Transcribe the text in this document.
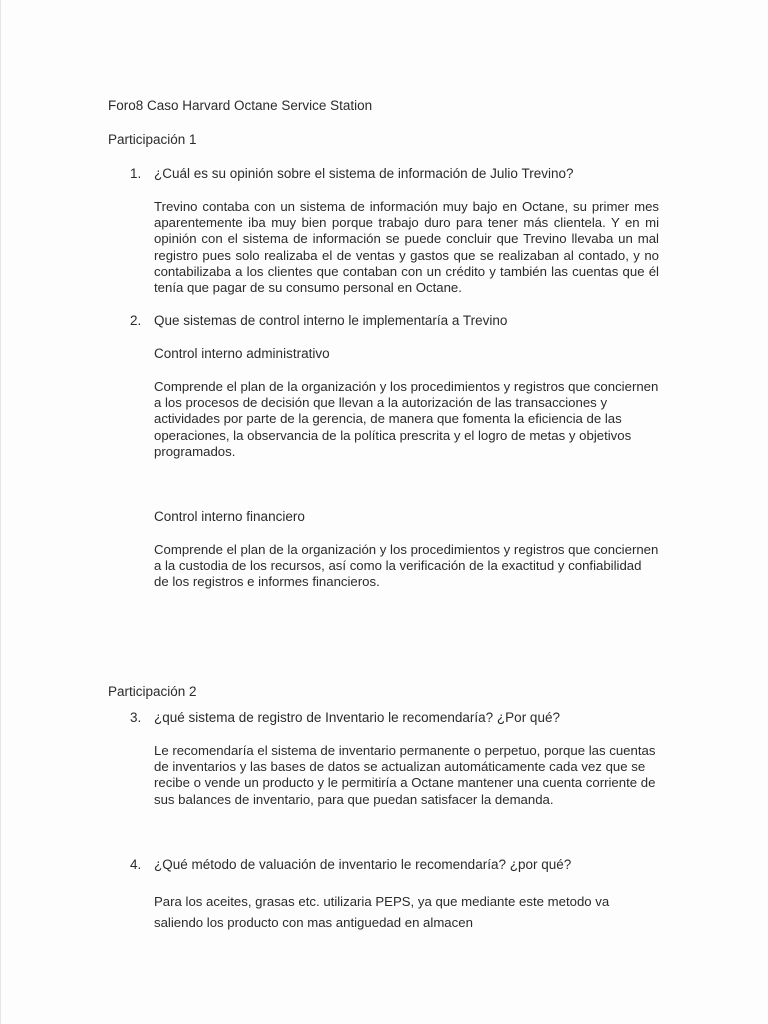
Foro8 Caso Harvard Octane Service Station

Participación 1

1. ¿Cuál es su opinión sobre el sistema de información de Julio Trevino?

Trevino contaba con un sistema de información muy bajo en Octane, su primer mes aparentemente iba muy bien porque trabajo duro para tener más clientela. Y en mi opinión con el sistema de información se puede concluir que Trevino llevaba un mal registro pues solo realizaba el de ventas y gastos que se realizaban al contado, y no contabilizaba a los clientes que contaban con un crédito y también las cuentas que él tenía que pagar de su consumo personal en Octane.

2. Que sistemas de control interno le implementaría a Trevino

Control interno administrativo

Comprende el plan de la organización y los procedimientos y registros que conciernen a los procesos de decisión que llevan a la autorización de las transacciones y actividades por parte de la gerencia, de manera que fomenta la eficiencia de las operaciones, la observancia de la política prescrita y el logro de metas y objetivos programados.

Control interno financiero

Comprende el plan de la organización y los procedimientos y registros que conciernen a la custodia de los recursos, así como la verificación de la exactitud y confiabilidad de los registros e informes financieros.

Participación 2

3. ¿qué sistema de registro de Inventario le recomendaría? ¿Por qué?

Le recomendaría el sistema de inventario permanente o perpetuo, porque las cuentas de inventarios y las bases de datos se actualizan automáticamente cada vez que se recibe o vende un producto y le permitiría a Octane mantener una cuenta corriente de sus balances de inventario, para que puedan satisfacer la demanda.

4. ¿Qué método de valuación de inventario le recomendaría? ¿por qué?

Para los aceites, grasas etc. utilizaria PEPS, ya que mediante este metodo va saliendo los producto con mas antiguedad en almacen
